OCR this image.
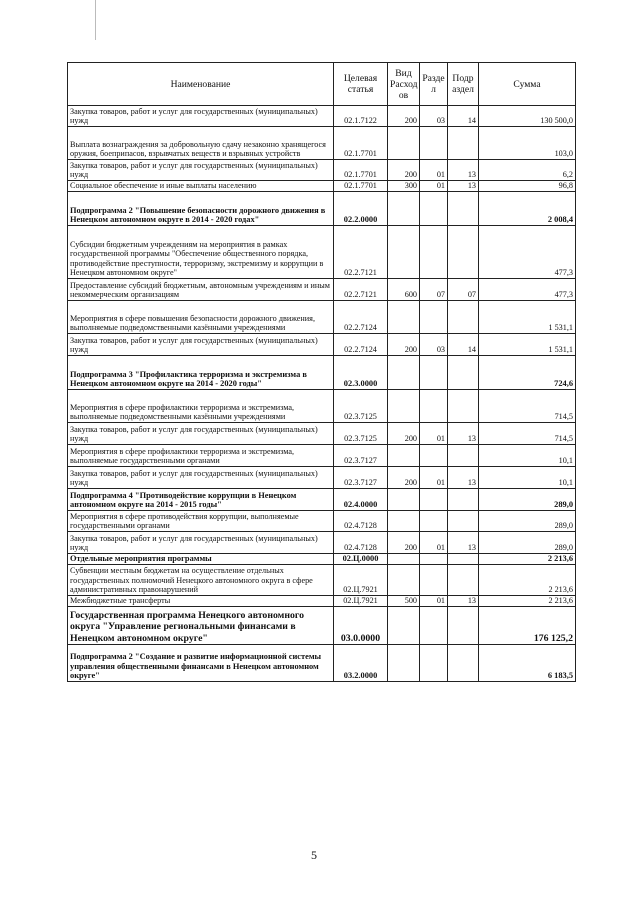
Наименование	Целевая статья	Вид Расход ов	Разде л	Подр аздел	Сумма
Закупка товаров, работ и услуг для государственных (муниципальных) нужд	02.1.7122	200	03	14	130 500,0
Выплата вознаграждения за добровольную сдачу незаконно хранящегося оружия, боеприпасов, взрывчатых веществ и взрывных устройств	02.1.7701				103,0
Закупка товаров, работ и услуг для государственных (муниципальных) нужд	02.1.7701	200	01	13	6,2
Социальное обеспечение и иные выплаты населению	02.1.7701	300	01	13	96,8
Подпрограмма 2 "Повышение безопасности дорожного движения в Ненецком автономном округе в 2014 - 2020 годах"	02.2.0000				2 008,4
Субсидии бюджетным учреждениям на мероприятия в рамках государственной программы "Обеспечение общественного порядка, противодействие преступности, терроризму, экстремизму и коррупции в Ненецком автономном округе"	02.2.7121				477,3
Предоставление субсидий бюджетным, автономным учреждениям и иным некоммерческим организациям	02.2.7121	600	07	07	477,3
Мероприятия в сфере повышения безопасности дорожного движения, выполняемые подведомственными казёнными учреждениями	02.2.7124				1 531,1
Закупка товаров, работ и услуг для государственных (муниципальных) нужд	02.2.7124	200	03	14	1 531,1
Подпрограмма 3 "Профилактика терроризма и экстремизма в Ненецком автономном округе на 2014 - 2020 годы"	02.3.0000				724,6
Мероприятия в сфере профилактики терроризма и экстремизма, выполняемые подведомственными казёнными учреждениями	02.3.7125				714,5
Закупка товаров, работ и услуг для государственных (муниципальных) нужд	02.3.7125	200	01	13	714,5
Мероприятия в сфере профилактики терроризма и экстремизма, выполняемые государственными органами	02.3.7127				10,1
Закупка товаров, работ и услуг для государственных (муниципальных) нужд	02.3.7127	200	01	13	10,1
Подпрограмма 4 "Противодействие коррупции в Ненецком автономном округе на 2014 - 2015 годы"	02.4.0000				289,0
Мероприятия в сфере противодействия коррупции, выполняемые государственными органами	02.4.7128				289,0
Закупка товаров, работ и услуг для государственных (муниципальных) нужд	02.4.7128	200	01	13	289,0
Отдельные мероприятия программы	02.Ц.0000				2 213,6
Субвенции местным бюджетам на осуществление отдельных государственных полномочий Ненецкого автономного округа в сфере административных правонарушений	02.Ц.7921				2 213,6
Межбюджетные трансферты	02.Ц.7921	500	01	13	2 213,6
Государственная программа Ненецкого автономного округа "Управление региональными финансами в Ненецком автономном округе"	03.0.0000				176 125,2
Подпрограмма 2 "Создание и развитие информационной системы управления общественными финансами в Ненецком автономном округе"	03.2.0000				6 183,5
5
